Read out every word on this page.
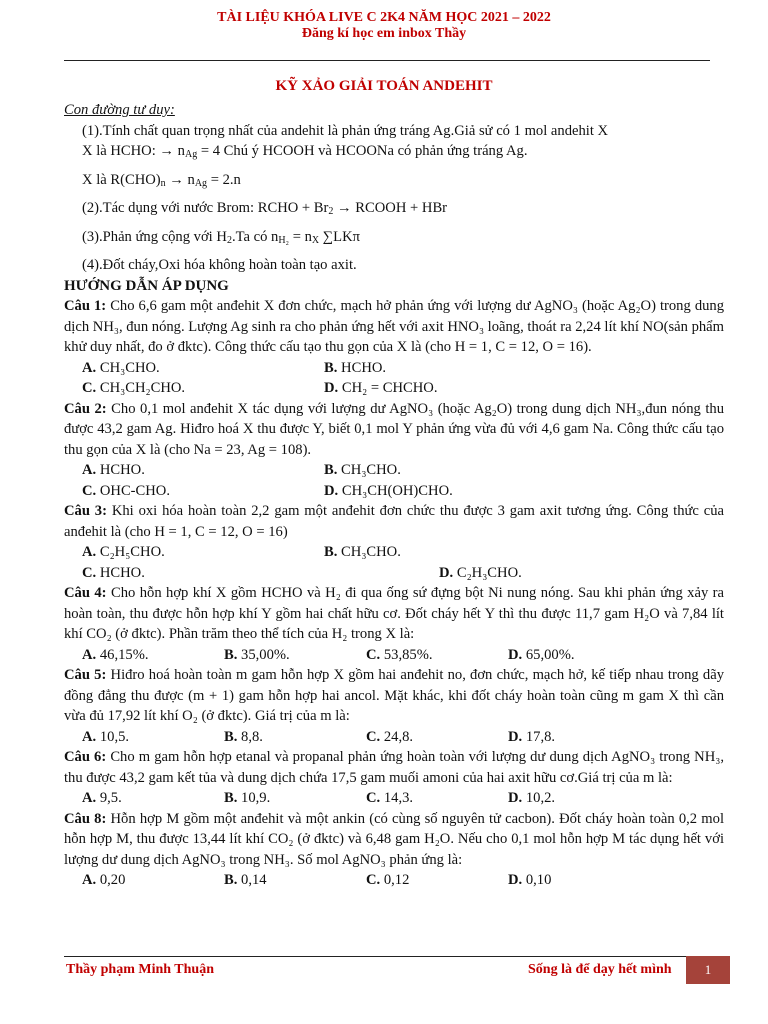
TÀI LIỆU KHÓA LIVE C 2K4 NĂM HỌC 2021 – 2022
Đăng kí học em inbox Thầy
KỸ XẢO GIẢI TOÁN ANDEHIT

Con đường tư duy:

(1).Tính chất quan trọng nhất của andehit là phản ứng tráng Ag.Giả sử có 1 mol andehit X

X là HCHO: → $n_{Ag} = 4$ Chú ý HCOOH và HCOONa có phản ứng tráng Ag.

X là $R(CHO)_n \to n_{Ag} = 2.n$

(2).Tác dụng với nước Brom: RCHO + $Br_2$ → RCOOH + HBr

(3).Phản ứng cộng với $H_2.Ta$ có $n_{H_2} = n_X$ ∑LKπ

(4).Đốt cháy,Oxi hóa không hoàn toàn tạo axit.

HƯỚNG DẪN ÁP DỤNG

Câu 1: Cho 6,6 gam một anđehit X đơn chức, mạch hở phản ứng với lượng dư AgNO₃ (hoặc Ag₂O) trong dung dịch NH₃, đun nóng. Lượng Ag sinh ra cho phản ứng hết với axit HNO₃ loãng, thoát ra 2,24 lít khí NO(sản phẩm khử duy nhất, đo ở đktc). Công thức cấu tạo thu gọn của X là (cho H = 1, C = 12, O = 16).

A. CH₃CHO.	B. HCHO.
C. CH₃CH₂CHO.	D. CH₂ = CHCHO.

Câu 2: Cho 0,1 mol anđehit X tác dụng với lượng dư AgNO₃ (hoặc Ag₂O) trong dung dịch NH₃,đun nóng thu được 43,2 gam Ag. Hiđro hoá X thu được Y, biết 0,1 mol Y phản ứng vừa đủ với 4,6 gam Na. Công thức cấu tạo thu gọn của X là (cho Na = 23, Ag = 108).

A. HCHO.	B. CH₃CHO.
C. OHC-CHO.	D. CH₃CH(OH)CHO.

Câu 3: Khi oxi hóa hoàn toàn 2,2 gam một anđehit đơn chức thu được 3 gam axit tương ứng. Công thức của anđehit là (cho H = 1, C = 12, O = 16)

A. C₂H₅CHO.	B. CH₃CHO.
C. HCHO.	D. C₂H₃CHO.

Câu 4: Cho hỗn hợp khí X gồm HCHO và H₂ đi qua ống sứ đựng bột Ni nung nóng. Sau khi phản ứng xảy ra hoàn toàn, thu được hỗn hợp khí Y gồm hai chất hữu cơ. Đốt cháy hết Y thì thu được 11,7 gam H₂O và 7,84 lít khí CO₂ (ở đktc). Phần trăm theo thể tích của H₂ trong X là:

A. 46,15%.	B. 35,00%.	C. 53,85%.	D. 65,00%.

Câu 5: Hiđro hoá hoàn toàn m gam hỗn hợp X gồm hai anđehit no, đơn chức, mạch hở, kế tiếp nhau trong dãy đồng đẳng thu được (m + 1) gam hỗn hợp hai ancol. Mặt khác, khi đốt cháy hoàn toàn cũng m gam X thì cần vừa đủ 17,92 lít khí O₂ (ở đktc). Giá trị của m là:

A. 10,5.	B. 8,8.	C. 24,8.	D. 17,8.

Câu 6: Cho m gam hỗn hợp etanal và propanal phản ứng hoàn toàn với lượng dư dung dịch AgNO₃ trong NH₃, thu được 43,2 gam kết tủa và dung dịch chứa 17,5 gam muối amoni của hai axit hữu cơ.Giá trị của m là:

A. 9,5.	B. 10,9.	C. 14,3.	D. 10,2.

Câu 8: Hỗn hợp M gồm một anđehit và một ankin (có cùng số nguyên tử cacbon). Đốt cháy hoàn toàn 0,2 mol hỗn hợp M, thu được 13,44 lít khí CO₂ (ở đktc) và 6,48 gam H₂O. Nếu cho 0,1 mol hỗn hợp M tác dụng hết với lượng dư dung dịch AgNO₃ trong NH₃. Số mol AgNO₃ phản ứng là:

A. 0,20	B. 0,14	C. 0,12	D. 0,10
Thầy phạm Minh Thuận	Sống là để dạy hết mình	1
